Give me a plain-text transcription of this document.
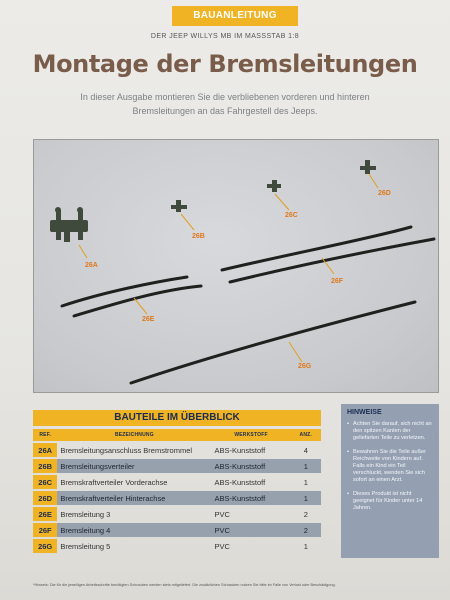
BAUANLEITUNG
DER JEEP WILLYS MB IM MASSSTAB 1:8
Montage der Bremsleitungen

In dieser Ausgabe montieren Sie die verbliebenen vorderen und hinteren Bremsleitungen an das Fahrgestell des Jeeps.

26A
26B
26C
26D
26E
26F
26G
BAUTEILE IM ÜBERBLICK
REF.	BEZEICHNUNG	WERKSTOFF	ANZ.
26A	Bremsleitungsanschluss Bremstrommel	ABS-Kunststoff	4
26B	Bremsleitungsverteiler	ABS-Kunststoff	1
26C	Bremskraftverteiler Vorderachse	ABS-Kunststoff	1
26D	Bremskraftverteiler Hinterachse	ABS-Kunststoff	1
26E	Bremsleitung 3	PVC	2
26F	Bremsleitung 4	PVC	2
26G	Bremsleitung 5	PVC	1
HINWEISE
• Achten Sie darauf, sich nicht an den spitzen Kanten der geliefarten Teile zu verletzen.
• Bewahren Sie die Teile außer Reichweite von Kindern auf. Falls ein Kind ein Teil verschluckt, wenden Sie sich sofort an einen Arzt.
• Dieses Produkt ist nicht geeignet für Kinder unter 14 Jahren.
*Hinweis: Die für die jeweiligen Arbeitsschritte benötigten Schrauben werden stets mitgeliefert. Die zusätzlichen Schrauben nutzen Sie bitte im Falle von Verlust oder Beschädigung.
